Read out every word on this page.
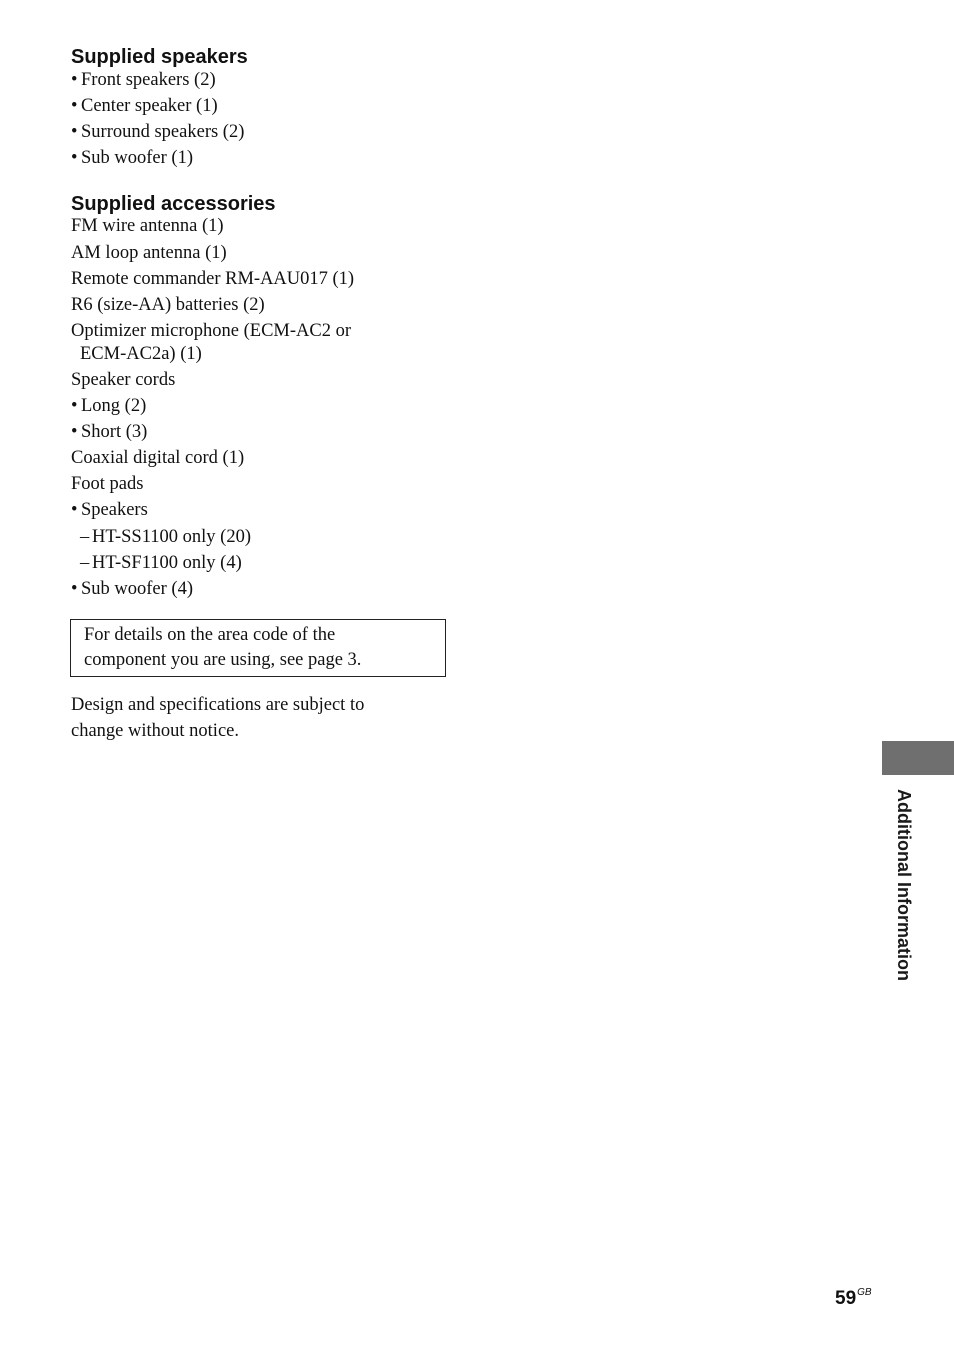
Supplied speakers
• Front speakers (2)
• Center speaker (1)
• Surround speakers (2)
• Sub woofer (1)
Supplied accessories
FM wire antenna (1)
AM loop antenna (1)
Remote commander RM-AAU017 (1)
R6 (size-AA) batteries (2)
Optimizer microphone (ECM-AC2 or
ECM-AC2a) (1)
Speaker cords
• Long (2)
• Short (3)
Coaxial digital cord (1)
Foot pads
• Speakers
– HT-SS1100 only (20)
– HT-SF1100 only (4)
• Sub woofer (4)
For details on the area code of the
component you are using, see page 3.
Design and specifications are subject to
change without notice.
Additional Information
$59^{GB}$
